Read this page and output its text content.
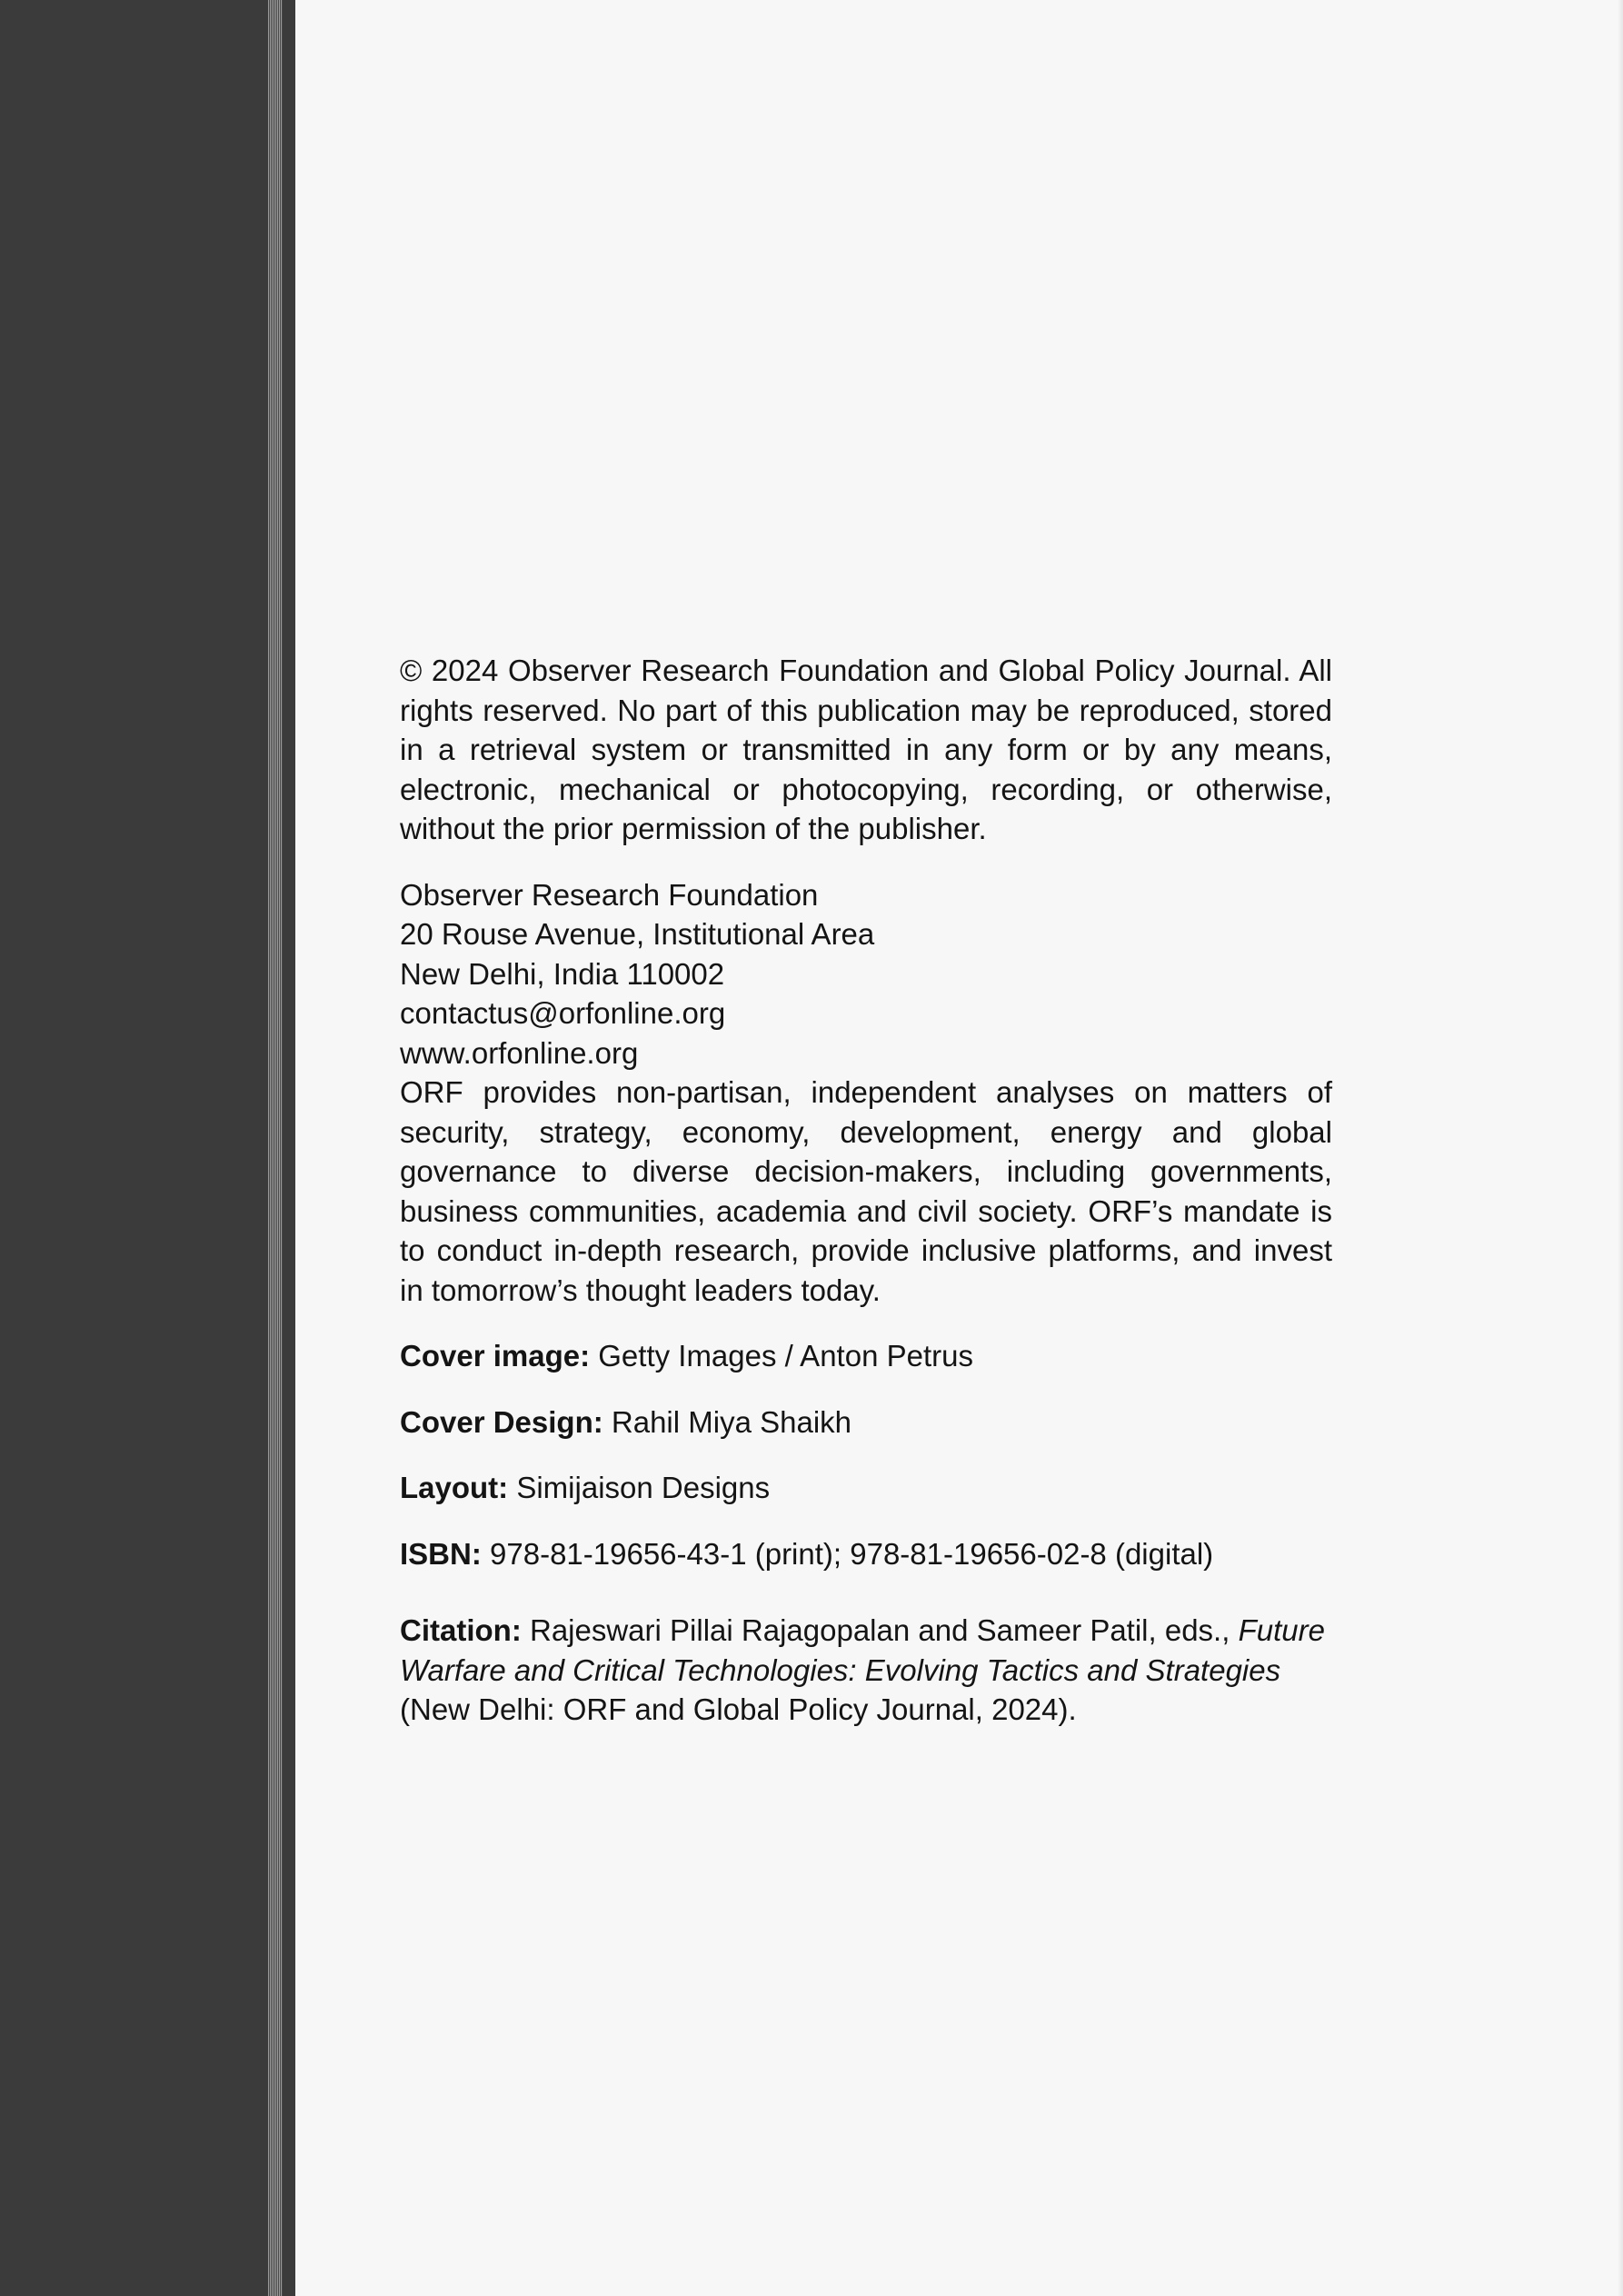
© 2024 Observer Research Foundation and Global Policy Journal. All rights reserved. No part of this publication may be reproduced, stored in a retrieval system or transmitted in any form or by any means, electronic, mechanical or photocopying, recording, or otherwise, without the prior permission of the publisher.

Observer Research Foundation

20 Rouse Avenue, Institutional Area

New Delhi, India 110002

contactus@orfonline.org

www.orfonline.org

ORF provides non-partisan, independent analyses on matters of security, strategy, economy, development, energy and global governance to diverse decision-makers, including governments, business communities, academia and civil society. ORF’s mandate is to conduct in-depth research, provide inclusive platforms, and invest in tomorrow’s thought leaders today.

Cover image: Getty Images / Anton Petrus

Cover Design: Rahil Miya Shaikh

Layout: Simijaison Designs

ISBN: 978-81-19656-43-1 (print); 978-81-19656-02-8 (digital)

Citation: Rajeswari Pillai Rajagopalan and Sameer Patil, eds., Future Warfare and Critical Technologies: Evolving Tactics and Strategies
(New Delhi: ORF and Global Policy Journal, 2024).
